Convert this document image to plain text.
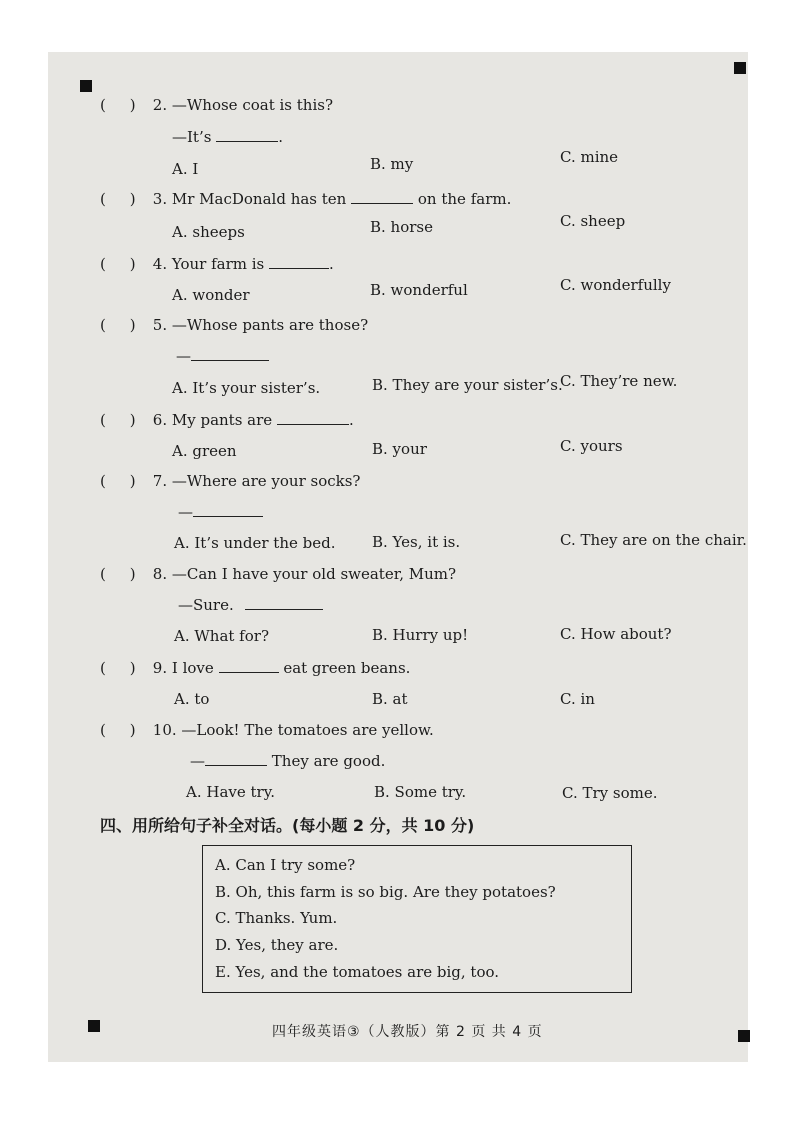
( ) 2. —Whose coat is this?
—It’s	.
A. I	B. my	C. mine
( ) 3. Mr MacDonald has ten	on the farm.
A. sheeps	B. horse	C. sheep
( ) 4. Your farm is	.
A. wonder	B. wonderful	C. wonderfully
( ) 5. —Whose pants are those?
—
A. It’s your sister’s.	B. They are your sister’s.
C. They’re new.
( ) 6. My pants are	.
A. green	B. your	C. yours
( ) 7. —Where are your socks?
—
A. It’s under the bed. B. Yes, it is.	C. They are on the chair.
( ) 8. —Can I have your old sweater, Mum?
—Sure.
A. What for?	B. Hurry up!	C. How about?
( ) 9. I love	eat green beans.
A. to	B. at	C. in
( ) 10. —Look! The tomatoes are yellow.
—	They are good.
A. Have try.	B. Some try.	C. Try some.
四、用所给句子补全对话。(每小题 2 分，共 10 分)
A. Can I try some?
B. Oh, this farm is so big. Are they potatoes?
C. Thanks. Yum.
D. Yes, they are.
E. Yes, and the tomatoes are big, too.
四年级英语③（人教版）第 2 页 共 4 页
